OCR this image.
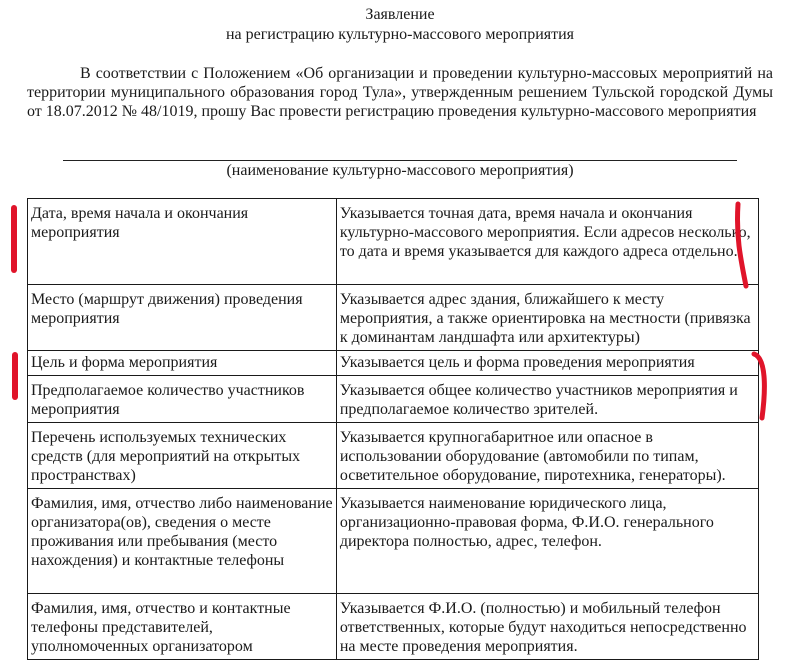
Заявление
на регистрацию культурно-массового мероприятия
В соответствии с Положением «Об организации и проведении культурно-массовых мероприятий на территории муниципального образования город Тула», утвержденным решением Тульской городской Думы от 18.07.2012 № 48/1019, прошу Вас провести регистрацию проведения культурно-массового мероприятия
(наименование культурно-массового мероприятия)
Дата, время начала и окончания мероприятия	Указывается точная дата, время начала и окончания культурно-массового мероприятия. Если адресов несколько, то дата и время указывается для каждого адреса отдельно.
Место (маршрут движения) проведения мероприятия	Указывается адрес здания, ближайшего к месту мероприятия, а также ориентировка на местности (привязка к доминантам ландшафта или архитектуры)
Цель и форма мероприятия	Указывается цель и форма проведения мероприятия
Предполагаемое количество участников мероприятия	Указывается общее количество участников мероприятия и предполагаемое количество зрителей.
Перечень используемых технических средств (для мероприятий на открытых пространствах)	Указывается крупногабаритное или опасное в использовании оборудование (автомобили по типам, осветительное оборудование, пиротехника, генераторы).
Фамилия, имя, отчество либо наименование организатора(ов), сведения о месте проживания или пребывания (место нахождения) и контактные телефоны	Указывается наименование юридического лица, организационно-правовая форма, Ф.И.О. генерального директора полностью, адрес, телефон.
Фамилия, имя, отчество и контактные телефоны представителей, уполномоченных организатором	Указывается Ф.И.О. (полностью) и мобильный телефон ответственных, которые будут находиться непосредственно на месте проведения мероприятия.
